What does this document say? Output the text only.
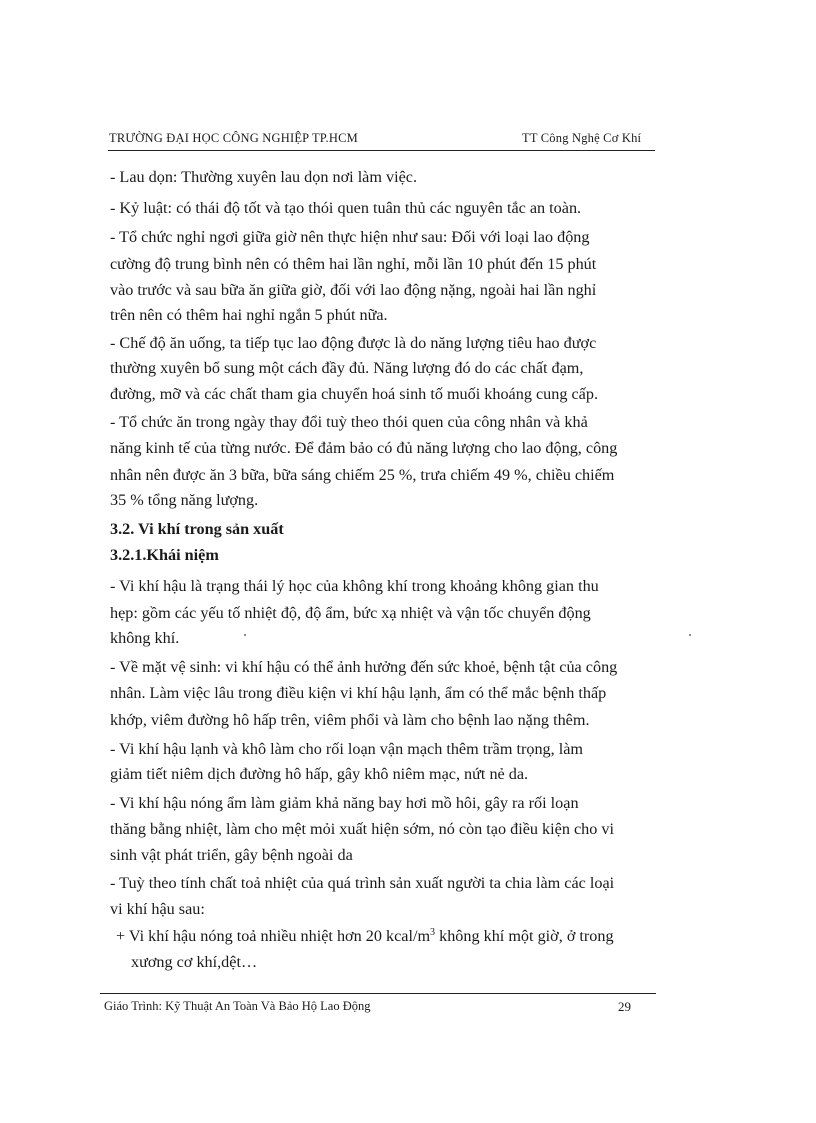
TRƯỜNG ĐẠI HỌC CÔNG NGHIỆP TP.HCM	TT Công Nghệ Cơ Khí
- Lau dọn: Thường xuyên lau dọn nơi làm việc.
- Kỷ luật: có thái độ tốt và tạo thói quen tuân thủ các nguyên tắc an toàn.
- Tổ chức nghỉ ngơi giữa giờ nên thực hiện như sau: Đối với loại lao động
cường độ trung bình nên có thêm hai lần nghỉ, mỗi lần 10 phút đến 15 phút
vào trước và sau bữa ăn giữa giờ, đối với lao động nặng, ngoài hai lần nghỉ
trên nên có thêm hai nghỉ ngắn 5 phút nữa.
- Chế độ ăn uống, ta tiếp tục lao động được là do năng lượng tiêu hao được
thường xuyên bổ sung một cách đầy đủ. Năng lượng đó do các chất đạm,
đường, mỡ và các chất tham gia chuyển hoá sinh tố muối khoáng cung cấp.
- Tổ chức ăn trong ngày thay đổi tuỳ theo thói quen của công nhân và khả
năng kinh tế của từng nước. Để đảm bảo có đủ năng lượng cho lao động, công
nhân nên được ăn 3 bữa, bữa sáng chiếm 25 %, trưa chiếm 49 %, chiều chiếm
35 % tổng năng lượng.
3.2. Vi khí trong sản xuất
3.2.1.Khái niệm
- Vi khí hậu là trạng thái lý học của không khí trong khoảng không gian thu
hẹp: gồm các yếu tố nhiệt độ, độ ẩm, bức xạ nhiệt và vận tốc chuyển động
không khí.
- Về mặt vệ sinh: vi khí hậu có thể ảnh hưởng đến sức khoẻ, bệnh tật của công
nhân. Làm việc lâu trong điều kiện vi khí hậu lạnh, ẩm có thể mắc bệnh thấp
khớp, viêm đường hô hấp trên, viêm phổi và làm cho bệnh lao nặng thêm.
- Vi khí hậu lạnh và khô làm cho rối loạn vận mạch thêm trầm trọng, làm
giảm tiết niêm dịch đường hô hấp, gây khô niêm mạc, nứt nẻ da.
- Vi khí hậu nóng ẩm làm giảm khả năng bay hơi mồ hôi, gây ra rối loạn
thăng bằng nhiệt, làm cho mệt mỏi xuất hiện sớm, nó còn tạo điều kiện cho vi
sinh vật phát triển, gây bệnh ngoài da
- Tuỳ theo tính chất toả nhiệt của quá trình sản xuất người ta chia làm các loại
vi khí hậu sau:
+ Vi khí hậu nóng toả nhiều nhiệt hơn 20 kcal/$m^3$ không khí một giờ, ở trong
xương cơ khí,dệt…
Giáo Trình: Kỹ Thuật An Toàn Và Bảo Hộ Lao Động	29
